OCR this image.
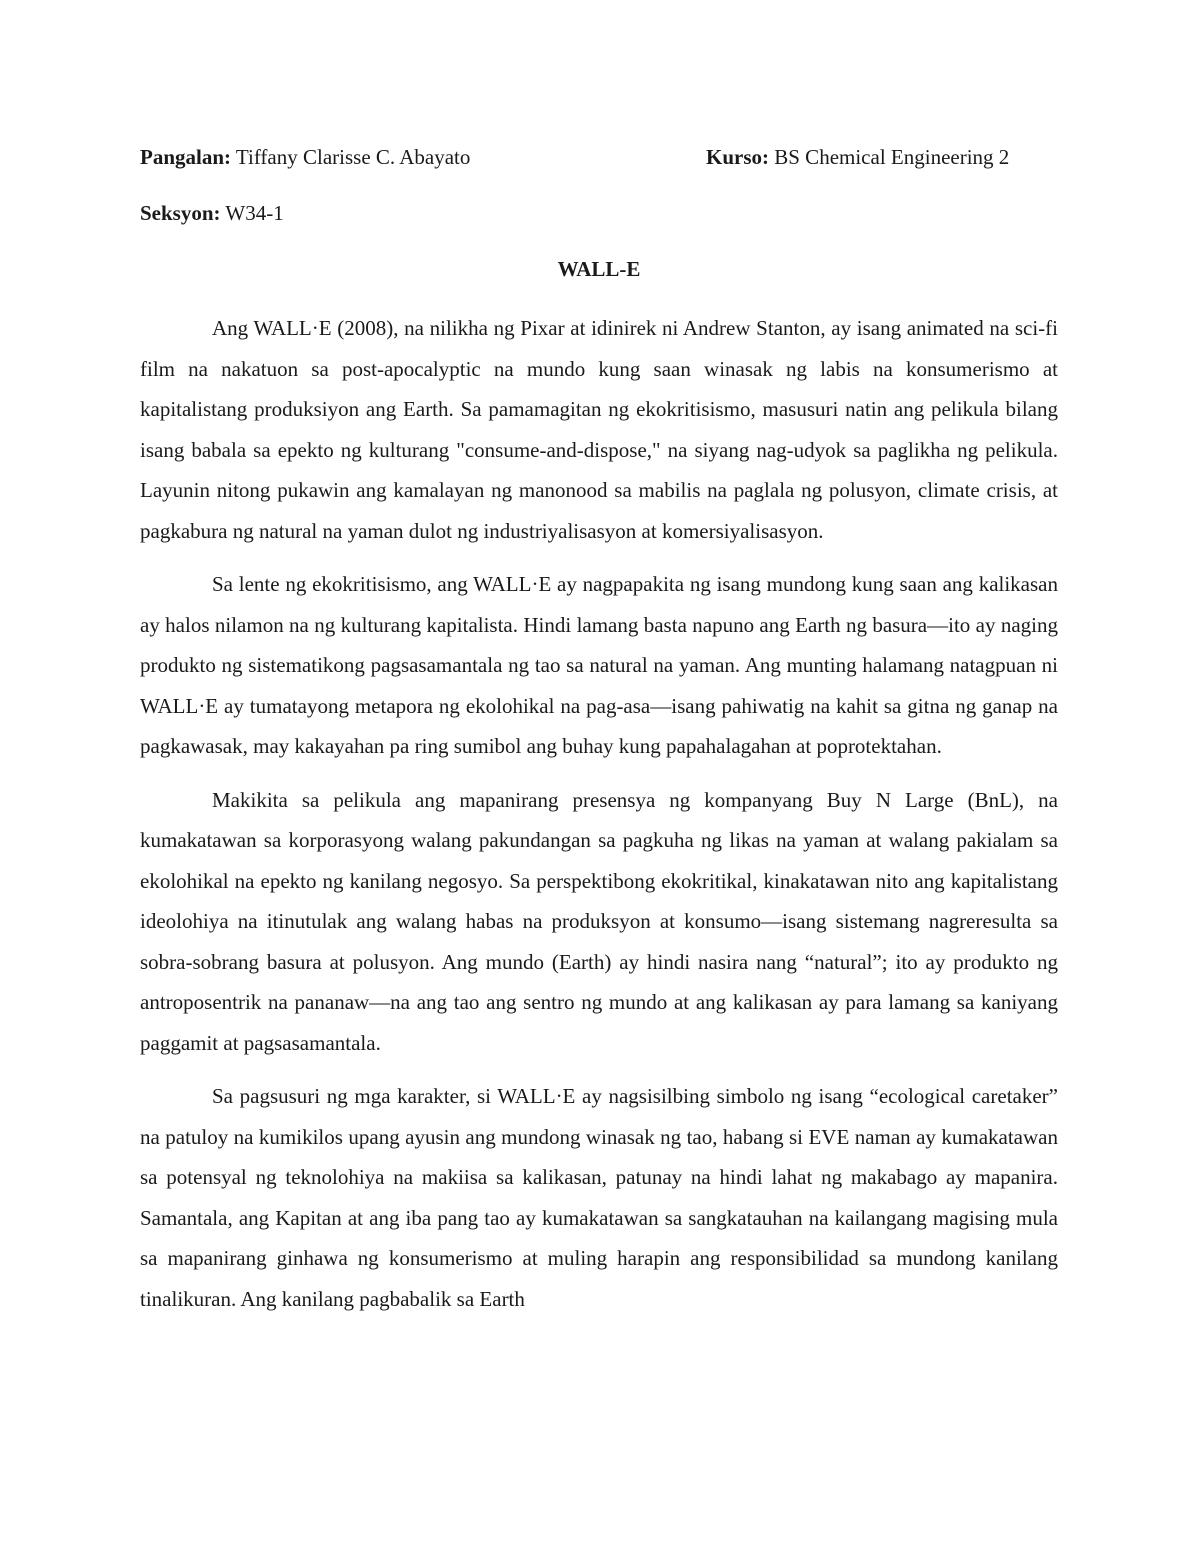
Pangalan: Tiffany Clarisse C. Abayato	Kurso: BS Chemical Engineering 2
Seksyon: W34-1
WALL-E

Ang WALL·E (2008), na nilikha ng Pixar at idinirek ni Andrew Stanton, ay isang animated na sci-fi film na nakatuon sa post-apocalyptic na mundo kung saan winasak ng labis na konsumerismo at kapitalistang produksiyon ang Earth. Sa pamamagitan ng ekokritisismo, masusuri natin ang pelikula bilang isang babala sa epekto ng kulturang "consume-and-dispose," na siyang nag-udyok sa paglikha ng pelikula. Layunin nitong pukawin ang kamalayan ng manonood sa mabilis na paglala ng polusyon, climate crisis, at pagkabura ng natural na yaman dulot ng industriyalisasyon at komersiyalisasyon.

Sa lente ng ekokritisismo, ang WALL·E ay nagpapakita ng isang mundong kung saan ang kalikasan ay halos nilamon na ng kulturang kapitalista. Hindi lamang basta napuno ang Earth ng basura—ito ay naging produkto ng sistematikong pagsasamantala ng tao sa natural na yaman. Ang munting halamang natagpuan ni WALL·E ay tumatayong metapora ng ekolohikal na pag-asa—isang pahiwatig na kahit sa gitna ng ganap na pagkawasak, may kakayahan pa ring sumibol ang buhay kung papahalagahan at poprotektahan.

Makikita sa pelikula ang mapanirang presensya ng kompanyang Buy N Large (BnL), na kumakatawan sa korporasyong walang pakundangan sa pagkuha ng likas na yaman at walang pakialam sa ekolohikal na epekto ng kanilang negosyo. Sa perspektibong ekokritikal, kinakatawan nito ang kapitalistang ideolohiya na itinutulak ang walang habas na produksyon at konsumo—isang sistemang nagreresulta sa sobra-sobrang basura at polusyon. Ang mundo (Earth) ay hindi nasira nang “natural”; ito ay produkto ng antroposentrik na pananaw—na ang tao ang sentro ng mundo at ang kalikasan ay para lamang sa kaniyang paggamit at pagsasamantala.

Sa pagsusuri ng mga karakter, si WALL·E ay nagsisilbing simbolo ng isang “ecological caretaker” na patuloy na kumikilos upang ayusin ang mundong winasak ng tao, habang si EVE naman ay kumakatawan sa potensyal ng teknolohiya na makiisa sa kalikasan, patunay na hindi lahat ng makabago ay mapanira. Samantala, ang Kapitan at ang iba pang tao ay kumakatawan sa sangkatauhan na kailangang magising mula sa mapanirang ginhawa ng konsumerismo at muling harapin ang responsibilidad sa mundong kanilang tinalikuran. Ang kanilang pagbabalik sa Earth
